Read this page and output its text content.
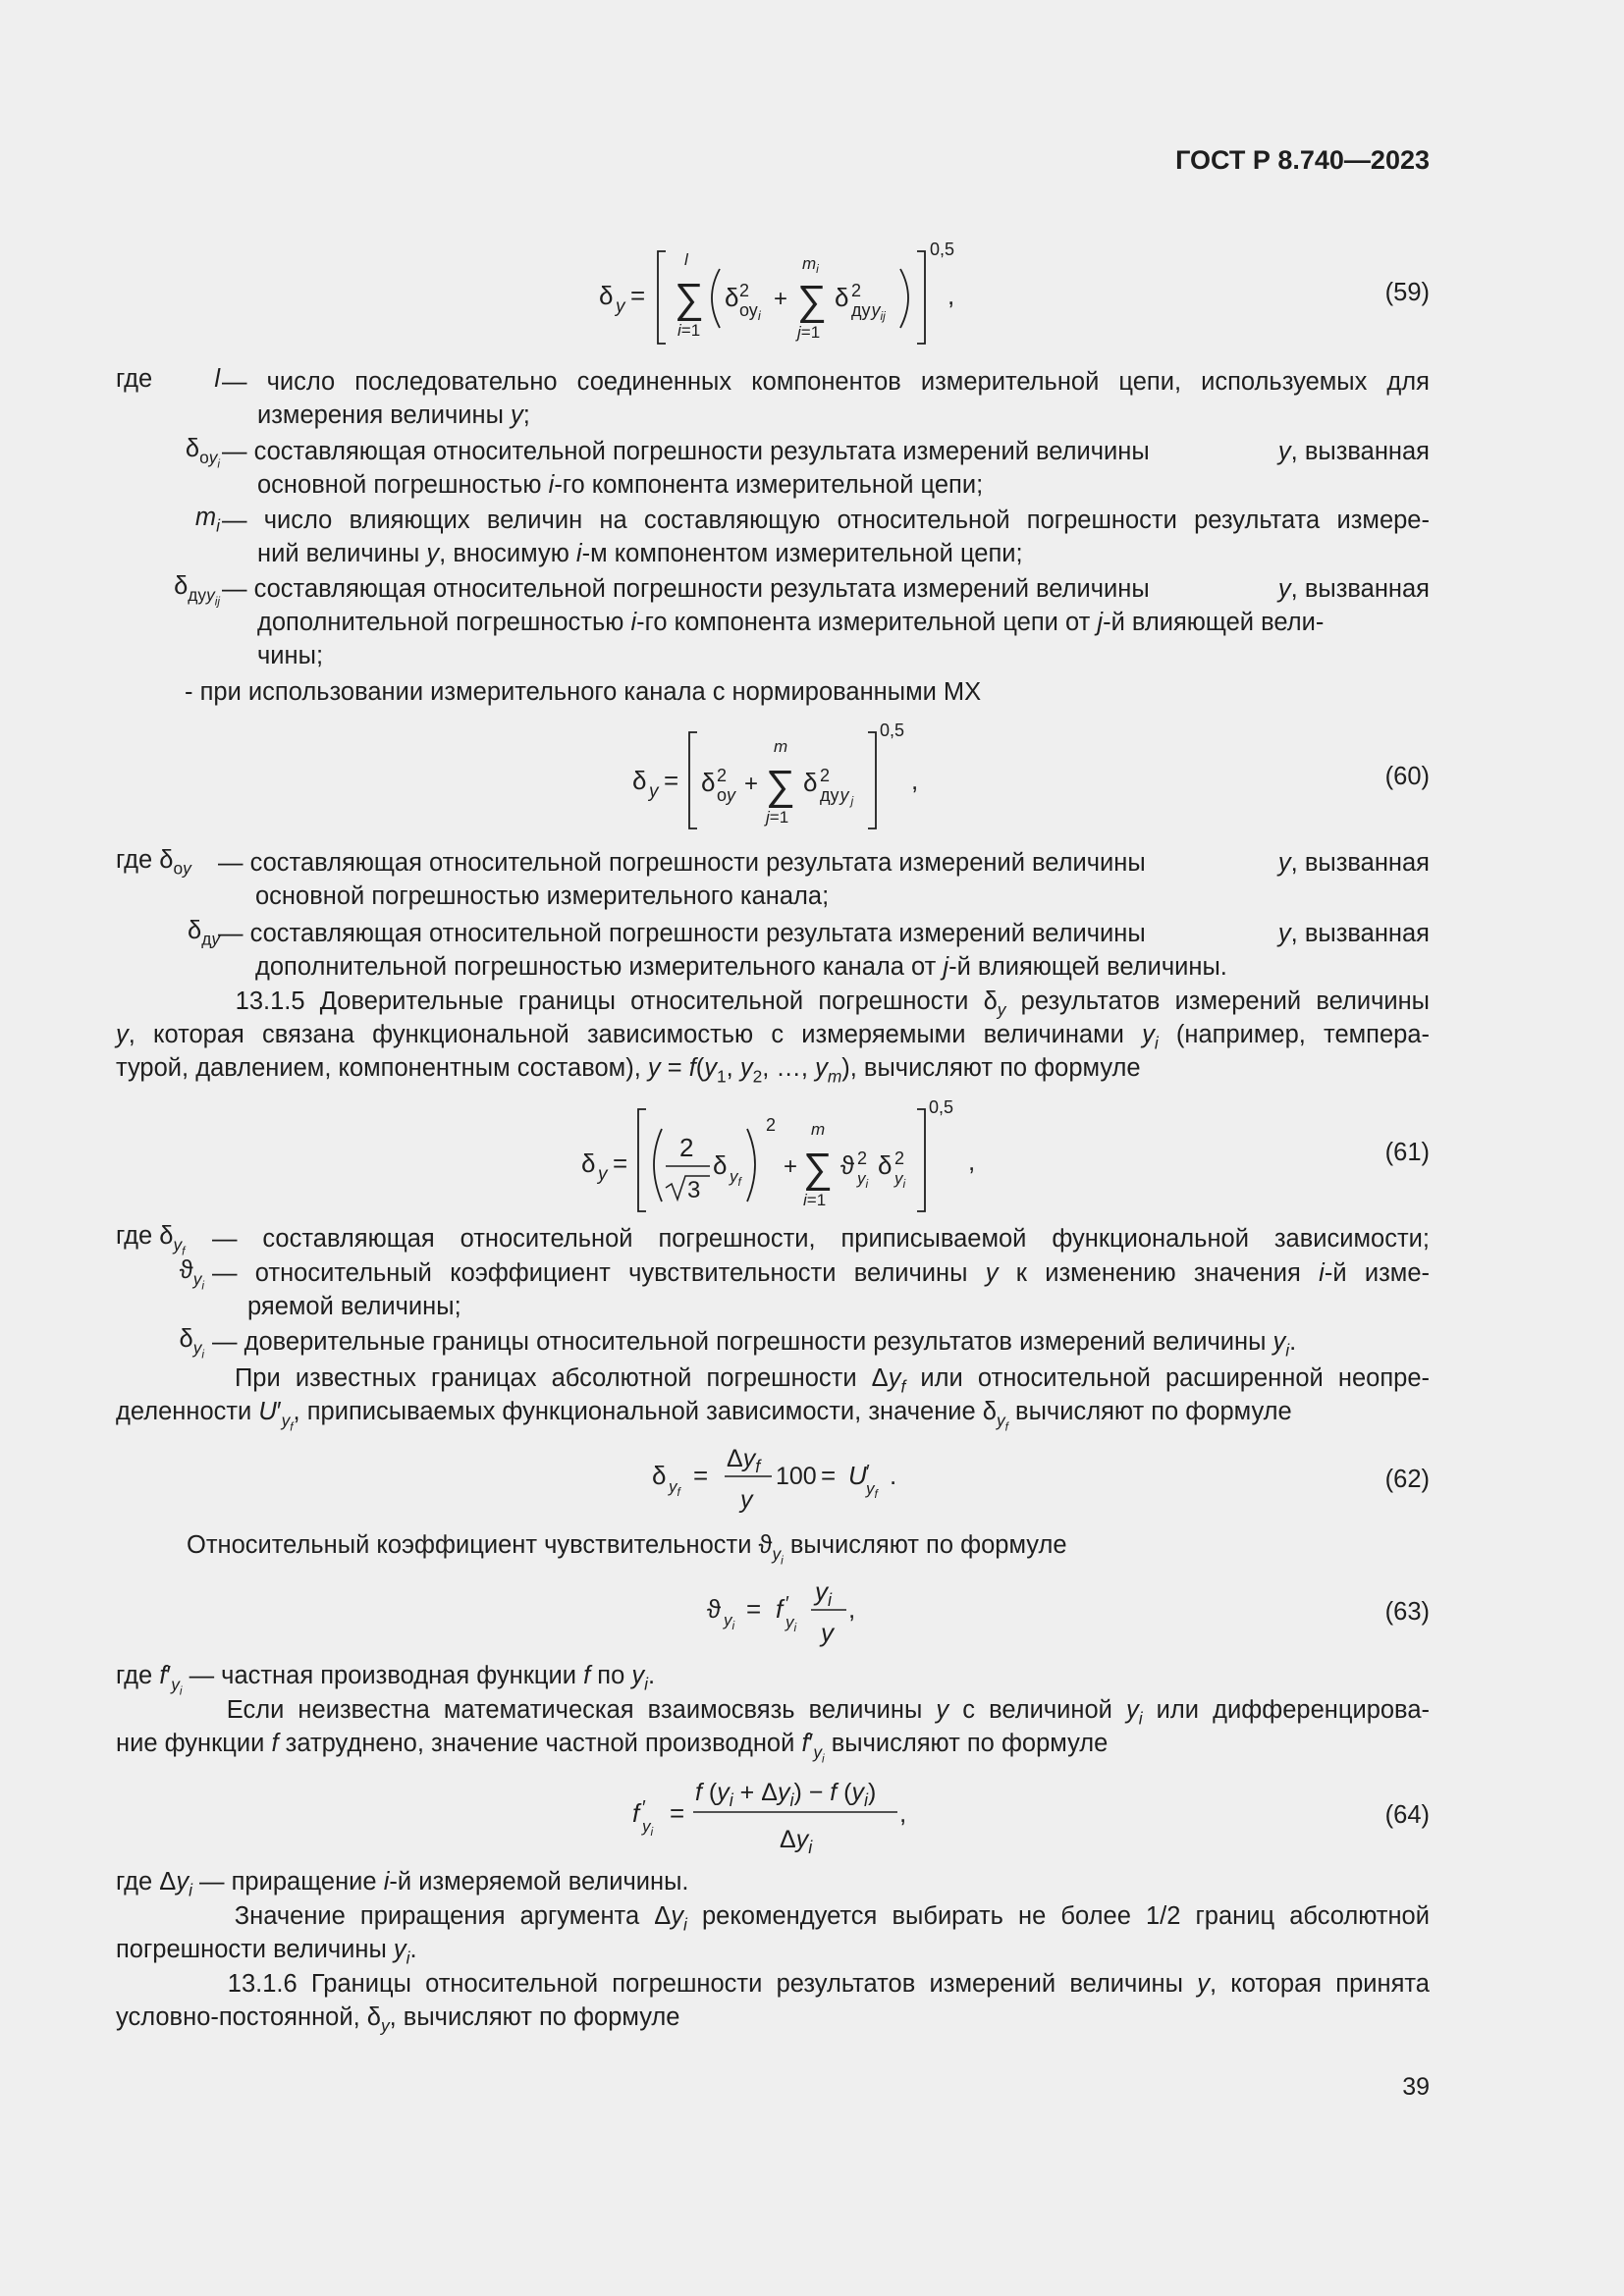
ГОСТ Р 8.740—2023
δ y = ∑
l
i=1
δ 2
$оу_i$
+ ∑
$m_i$
j=1
δ 2
дуy$_{ij}$
0,5
,	(59)
где	l — число последовательно соединенных компонентов измерительной цепи, используемых для
измерения величины y;
$\delta_{оy_i}$ — составляющая относительной погрешности результата измерений величины	y, вызванная
основной погрешностью i-го компонента измерительной цепи;
$m_i$ — число влияющих величин на составляющую относительной погрешности результата измере-
ний величины y, вносимую i-м компонентом измерительной цепи;
$\delta_{дуy_{ij}}$ — составляющая относительной погрешности результата измерений величины	y, вызванная
дополнительной погрешностью i-го компонента измерительной цепи от j-й влияющей вели-
чины;
- при использовании измерительного канала с нормированными МХ
δ y = δ 2
оy + ∑
m
j=1
δ 2
дуy $_j$
0,5
,	(60)
где $\delta_{оy}$ — составляющая относительной погрешности результата измерений величины	y, вызванная
основной погрешностью измерительного канала;
$\delta_{дy}$
— составляющая относительной погрешности результата измерений величины	y, вызванная
дополнительной погрешностью измерительного канала от j-й влияющей величины.
13.1.5 Доверительные границы относительной погрешности $\delta_y$ результатов измерений величины
y, которая связана функциональной зависимостью с измеряемыми величинами $y_i$ (например, темпера-
турой, давлением, компонентным составом), $y = f(y_1$, $y_2$, …, $y_m$), вычисляют по формуле
δ y =
2
3
δ $y_f$
2
+ ∑
m
i=1
ϑ 2
$y_i$
δ 2
$y_i$
0,5
,	(61)
где $\delta_{y_f}$ — составляющая относительной погрешности, приписываемой функциональной зависимости;
$ϑ_{y_i}$ — относительный коэффициент чувствительности величины y к изменению значения i-й изме-
ряемой величины;
$\delta_{y_i}$ — доверительные границы относительной погрешности результатов измерений величины $y_i$.
При известных границах абсолютной погрешности $\Delta y_f$ или относительной расширенной неопре-
деленности $U'_{y_f}$, приписываемых функциональной зависимости, значение $\delta_{y_f}$ вычисляют по формуле
δ $y_f$
=
$\Delta y_f$
y
100 = U ′
$y_f$
.	(62)
Относительный коэффициент чувствительности $ϑ_{y_i}$ вычисляют по формуле
ϑ $y_i$
= f ′
$y_i$
$y_i$
y
,	(63)
где $f'_{y_i}$ — частная производная функции f по $y_i$.
Если неизвестна математическая взаимосвязь величины y с величиной $y_i$ или дифференцирова-
ние функции f затруднено, значение частной производной $f'_{y_i}$ вычисляют по формуле
f ′
$y_i$
=
f $(y_i + \Delta y_i) - f$ $(y_i)$
$\Delta y_i$
,	(64)
где $\Delta y_i$ — приращение i-й измеряемой величины.
Значение приращения аргумента $\Delta y_i$ рекомендуется выбирать не более 1/2 границ абсолютной
погрешности величины $y_i$.
13.1.6 Границы относительной погрешности результатов измерений величины y, которая принята
условно-постоянной, $\delta_y$, вычисляют по формуле
39
